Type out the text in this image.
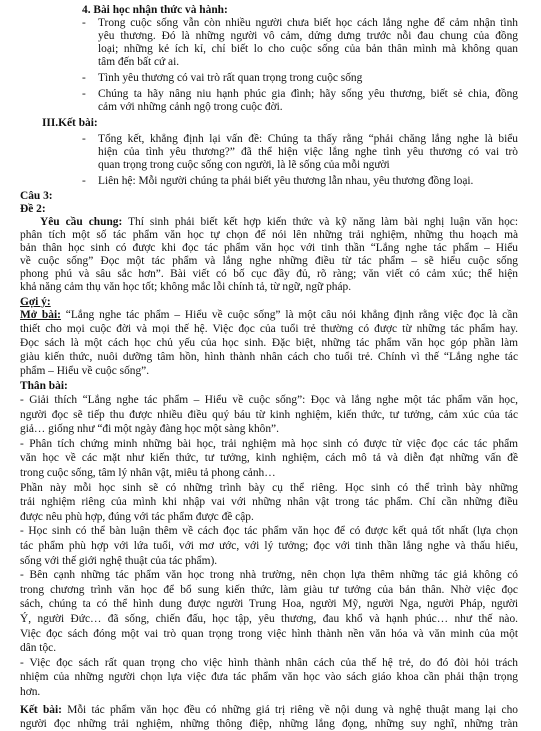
4. Bài học nhận thức và hành:
- Trong cuộc sống vẫn còn nhiều người chưa biết học cách lắng nghe để cảm nhận tình
yêu thương. Đó là những người vô cảm, dửng dưng trước nỗi đau chung của đồng
loại; những kẻ ích kỉ, chỉ biết lo cho cuộc sống của bản thân mình mà không quan
tâm đến bất cứ ai.
- Tình yêu thương có vai trò rất quan trọng trong cuộc sống
- Chúng ta hãy nâng niu hạnh phúc gia đình; hãy sống yêu thương, biết sẻ chia, đồng
cảm với những cảnh ngộ trong cuộc đời.
III.Kết bài:
- Tổng kết, khẳng định lại vấn đề: Chúng ta thấy rằng “phải chăng lắng nghe là biểu
hiện của tình yêu thương?” đã thể hiện việc lắng nghe tình yêu thương có vai trò
quan trọng trong cuộc sống con người, là lẽ sống của mỗi người
- Liên hệ: Mỗi người chúng ta phải biết yêu thương lẫn nhau, yêu thương đồng loại.
Câu 3:
Đề 2:
Yêu cầu chung: Thí sinh phải biết kết hợp kiến thức và kỹ năng làm bài nghị luận văn học:
phân tích một số tác phẩm văn học tự chọn để nói lên những trải nghiệm, những thu hoạch mà
bản thân học sinh có được khi đọc tác phẩm văn học với tinh thần “Lắng nghe tác phẩm – Hiểu
về cuộc sống” Đọc một tác phẩm và lắng nghe những điều từ tác phẩm – sẽ hiểu cuộc sống
phong phú và sâu sắc hơn”. Bài viết có bố cục đầy đủ, rõ ràng; văn viết có cảm xúc; thể hiện
khả năng cảm thụ văn học tốt; không mắc lỗi chính tả, từ ngữ, ngữ pháp.
Gợi ý:
Mở bài: “Lắng nghe tác phẩm – Hiểu về cuộc sống” là một câu nói khẳng định rằng việc đọc là cần
thiết cho mọi cuộc đời và mọi thế hệ. Việc đọc của tuổi trẻ thường có được từ những tác phẩm hay.
Đọc sách là một cách học chủ yếu của học sinh. Đặc biệt, những tác phẩm văn học góp phần làm
giàu kiến thức, nuôi dưỡng tâm hồn, hình thành nhân cách cho tuổi trẻ. Chính vì thế “Lắng nghe tác
phẩm – Hiểu về cuộc sống”.
Thân bài:
- Giải thích “Lắng nghe tác phẩm – Hiểu về cuộc sống”: Đọc và lắng nghe một tác phẩm văn học,
người đọc sẽ tiếp thu được nhiều điều quý báu từ kinh nghiệm, kiến thức, tư tưởng, cảm xúc của tác
giả… giống như “đi một ngày đàng học một sàng khôn”.
- Phân tích chứng minh những bài học, trải nghiệm mà học sinh có được từ việc đọc các tác phẩm
văn học về các mặt như kiến thức, tư tưởng, kinh nghiệm, cách mô tả và diễn đạt những vấn đề
trong cuộc sống, tâm lý nhân vật, miêu tả phong cảnh…
Phần này mỗi học sinh sẽ có những trình bày cụ thể riêng. Học sinh có thể trình bày những
trải nghiệm riêng của mình khi nhập vai với những nhân vật trong tác phẩm. Chỉ cần những điều
được nêu phù hợp, đúng với tác phẩm được đề cập.
- Học sinh có thể bàn luận thêm về cách đọc tác phẩm văn học để có được kết quả tốt nhất (lựa chọn
tác phẩm phù hợp với lứa tuổi, với mơ ước, với lý tưởng; đọc với tinh thần lắng nghe và thấu hiểu,
sống với thế giới nghệ thuật của tác phẩm).
- Bên cạnh những tác phẩm văn học trong nhà trường, nên chọn lựa thêm những tác giả không có
trong chương trình văn học để bổ sung kiến thức, làm giàu tư tưởng của bản thân. Nhờ việc đọc
sách, chúng ta có thể hình dung được người Trung Hoa, người Mỹ, người Nga, người Pháp, người
Ý, người Đức… đã sống, chiến đấu, học tập, yêu thương, đau khổ và hạnh phúc… như thế nào.
Việc đọc sách đóng một vai trò quan trọng trong việc hình thành nền văn hóa và văn minh của một
dân tộc.
- Việc đọc sách rất quan trọng cho việc hình thành nhân cách của thế hệ trẻ, do đó đòi hỏi trách
nhiệm của những người chọn lựa việc đưa tác phẩm văn học vào sách giáo khoa cần phải thận trọng
hơn.
Kết bài: Mỗi tác phẩm văn học đều có những giá trị riêng về nội dung và nghệ thuật mang lại cho
người đọc những trải nghiệm, những thông điệp, những lắng đọng, những suy nghĩ, những tràn
